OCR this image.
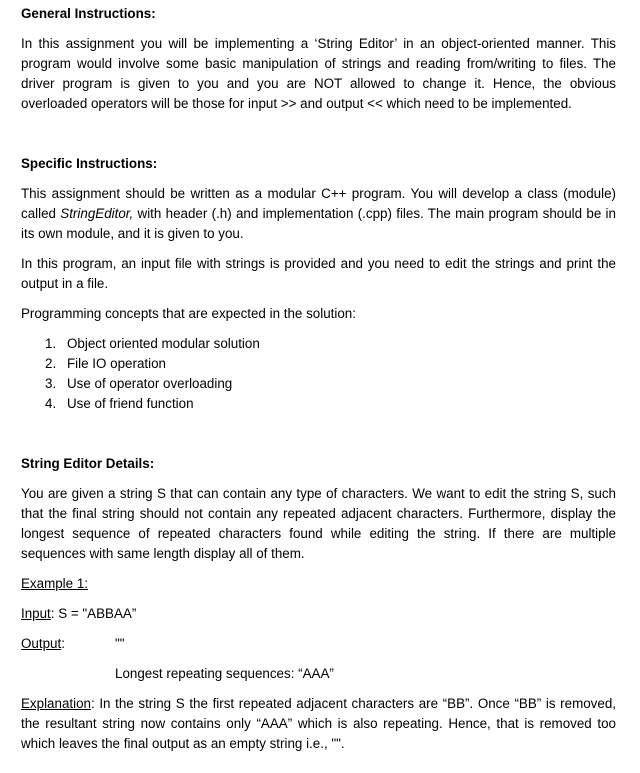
General Instructions:

In this assignment you will be implementing a ‘String Editor’ in an object-oriented manner. This program would involve some basic manipulation of strings and reading from/writing to files. The driver program is given to you and you are NOT allowed to change it. Hence, the obvious overloaded operators will be those for input >> and output << which need to be implemented.

Specific Instructions:

This assignment should be written as a modular C++ program. You will develop a class (module) called StringEditor, with header (.h) and implementation (.cpp) files. The main program should be in its own module, and it is given to you.

In this program, an input file with strings is provided and you need to edit the strings and print the output in a file.

Programming concepts that are expected in the solution:

1. Object oriented modular solution
2. File IO operation
3. Use of operator overloading
4. Use of friend function

String Editor Details:

You are given a string S that can contain any type of characters. We want to edit the string S, such that the final string should not contain any repeated adjacent characters. Furthermore, display the longest sequence of repeated characters found while editing the string. If there are multiple sequences with same length display all of them.

Example 1:

Input: S = "ABBAA”

Output:	""

Longest repeating sequences: “AAA”

Explanation: In the string S the first repeated adjacent characters are “BB”. Once “BB” is removed, the resultant string now contains only “AAA” which is also repeating. Hence, that is removed too which leaves the final output as an empty string i.e., "".
